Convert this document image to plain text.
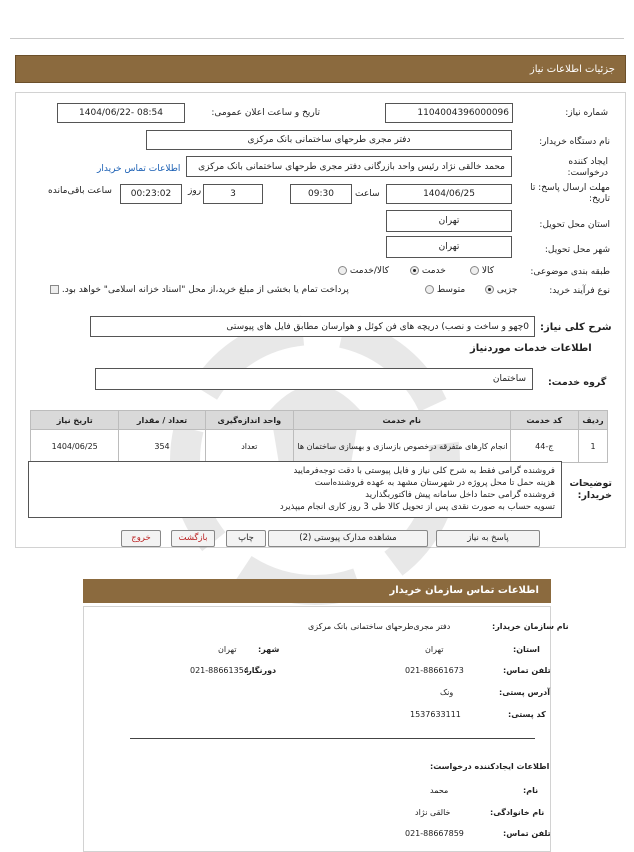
جزئیات اطلاعات نیاز
شماره نیاز:
1104004396000096
تاریخ و ساعت اعلان عمومی:
1404/06/22- 08:54
نام دستگاه خریدار:
دفتر مجری طرحهای ساختمانی بانک مرکزی
ایجاد کننده درخواست:
محمد خالقی نژاد رئیس واحد بازرگانی دفتر مجری طرحهای ساختمانی بانک مرکزی
اطلاعات تماس خریدار
مهلت ارسال پاسخ: تا تاریخ:
1404/06/25
ساعت
09:30
روز	3
00:23:02
ساعت باقی‌مانده
استان محل تحویل:
تهران
شهر محل تحویل:
تهران
طبقه بندی موضوعی:
کالا
خدمت
کالا/خدمت
نوع فرآیند خرید:
جزیی
متوسط
پرداخت تمام یا بخشی از مبلغ خرید،از محل "اسناد خزانه اسلامی" خواهد بود.
شرح کلی نیاز:
0چهو و ساخت و نصب) دریچه های فن کوئل و هوارسان مطابق فایل های پیوستی
اطلاعات خدمات موردنیاز
گروه خدمت:
ساختمان
ردیف	کد خدمت	نام خدمت	واحد اندازه‌گیری	تعداد / مقدار	تاریخ نیاز
1	ج-44	انجام کارهای متفرقه درخصوص بازسازی و بهسازی ساختمان ها	تعداد	354	1404/06/25
توضیحات خریدار:
فروشنده گرامی فقط به شرح کلی نیاز و فایل پیوستی با دقت توجه‌فرمایید
هزینه حمل تا محل پروژه در شهرستان مشهد به عهده فروشنده‌است
فروشنده گرامی حتما داخل سامانه پیش فاکتوربگذارید
تسویه حساب به صورت نقدی پس از تحویل کالا طی 3 روز کاری انجام میپذیرد
پاسخ به نیاز
مشاهده مدارک پیوستی (2)
چاپ
بازگشت
خروج
اطلاعات تماس سازمان خریدار
نام سازمان خریدار:
دفتر مجری‌طرحهای ساختمانی بانک مرکزی
استان:
تهران
شهر:
تهران
تلفن تماس:
021-88661673
دورنگار:
021-88661354
آدرس پستی:
ونک
کد پستی:
1537633111
اطلاعات ایجادکننده درخواست:
نام:
محمد
نام خانوادگی:
خالقی نژاد
تلفن تماس:
021-88667859
